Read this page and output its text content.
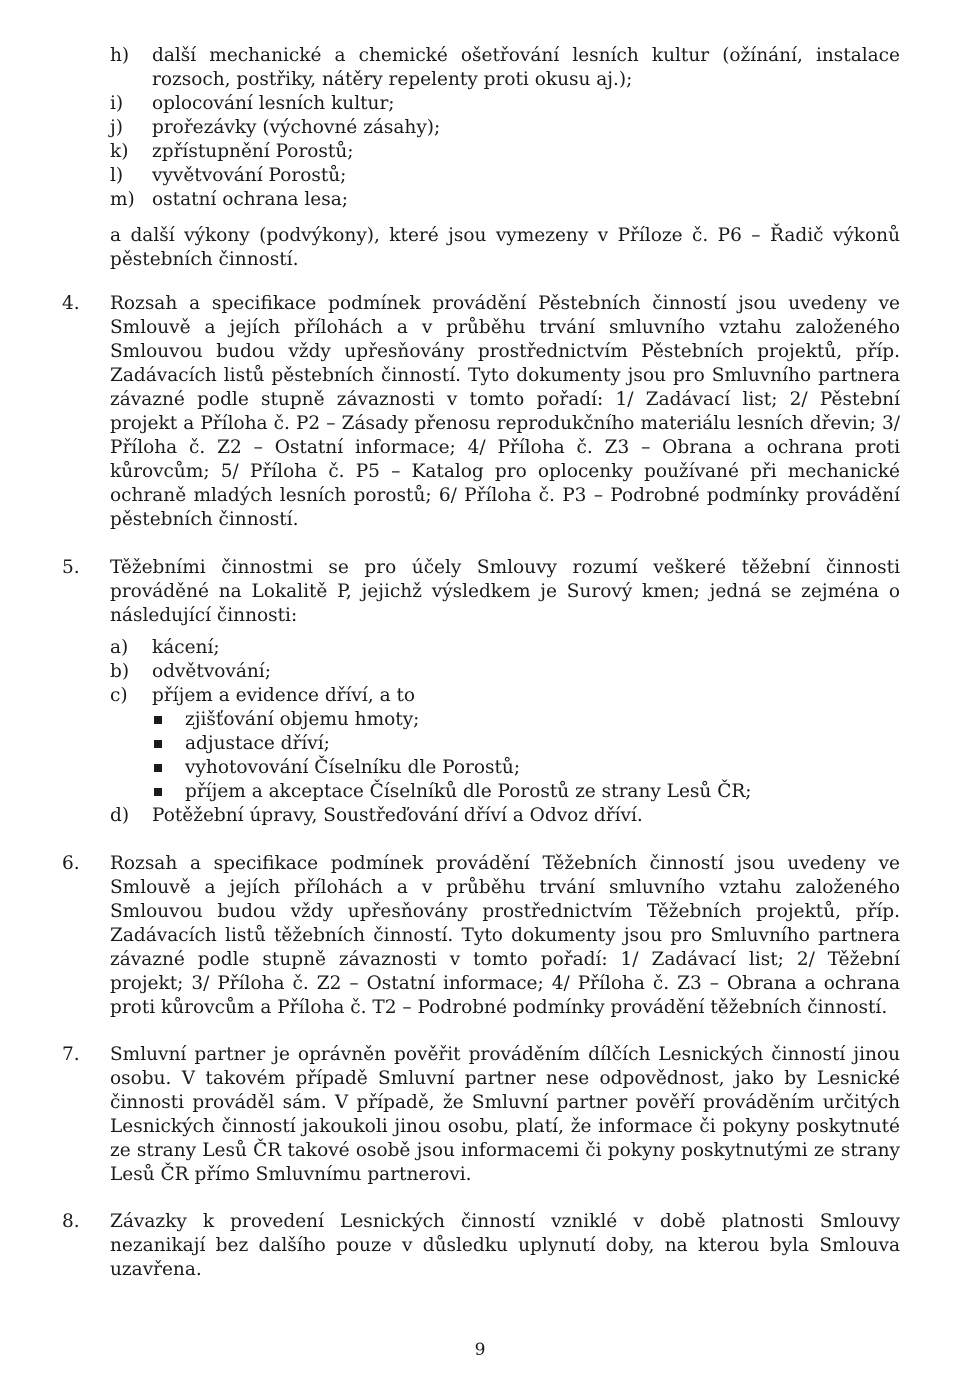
h) další mechanické a chemické ošetřování lesních kultur (ožínání, instalace rozsoch, postřiky, nátěry repelenty proti okusu aj.);
i) oplocování lesních kultur;
j) prořezávky (výchovné zásahy);
k) zpřístupnění Porostů;
l) vyvětvování Porostů;
m) ostatní ochrana lesa;
a další výkony (podvýkony), které jsou vymezeny v Příloze č. P6 – Řadič výkonů pěstebních činností.
4. Rozsah a specifikace podmínek provádění Pěstebních činností jsou uvedeny ve Smlouvě a jejích přílohách a v průběhu trvání smluvního vztahu založeného Smlouvou budou vždy upřesňovány prostřednictvím Pěstebních projektů, příp. Zadávacích listů pěstebních činností. Tyto dokumenty jsou pro Smluvního partnera závazné podle stupně závaznosti v tomto pořadí: 1/ Zadávací list; 2/ Pěstební projekt a Příloha č. P2 – Zásady přenosu reprodukčního materiálu lesních dřevin; 3/ Příloha č. Z2 – Ostatní informace; 4/ Příloha č. Z3 – Obrana a ochrana proti kůrovcům; 5/ Příloha č. P5 – Katalog pro oplocenky používané při mechanické ochraně mladých lesních porostů; 6/ Příloha č. P3 – Podrobné podmínky provádění pěstebních činností.
5. Těžebními činnostmi se pro účely Smlouvy rozumí veškeré těžební činnosti prováděné na Lokalitě P, jejichž výsledkem je Surový kmen; jedná se zejména o následující činnosti:
a) kácení;
b) odvětvování;
c) příjem a evidence dříví, a to
zjišťování objemu hmoty;
adjustace dříví;
vyhotovování Číselníku dle Porostů;
příjem a akceptace Číselníků dle Porostů ze strany Lesů ČR;
d) Potěžební úpravy, Soustřeďování dříví a Odvoz dříví.
6. Rozsah a specifikace podmínek provádění Těžebních činností jsou uvedeny ve Smlouvě a jejích přílohách a v průběhu trvání smluvního vztahu založeného Smlouvou budou vždy upřesňovány prostřednictvím Těžebních projektů, příp. Zadávacích listů těžebních činností. Tyto dokumenty jsou pro Smluvního partnera závazné podle stupně závaznosti v tomto pořadí: 1/ Zadávací list; 2/ Těžební projekt; 3/ Příloha č. Z2 – Ostatní informace; 4/ Příloha č. Z3 – Obrana a ochrana proti kůrovcům a Příloha č. T2 – Podrobné podmínky provádění těžebních činností.
7. Smluvní partner je oprávněn pověřit prováděním dílčích Lesnických činností jinou osobu. V takovém případě Smluvní partner nese odpovědnost, jako by Lesnické činnosti prováděl sám. V případě, že Smluvní partner pověří prováděním určitých Lesnických činností jakoukoli jinou osobu, platí, že informace či pokyny poskytnuté ze strany Lesů ČR takové osobě jsou informacemi či pokyny poskytnutými ze strany Lesů ČR přímo Smluvnímu partnerovi.
8. Závazky k provedení Lesnických činností vzniklé v době platnosti Smlouvy nezanikají bez dalšího pouze v důsledku uplynutí doby, na kterou byla Smlouva uzavřena.
9
